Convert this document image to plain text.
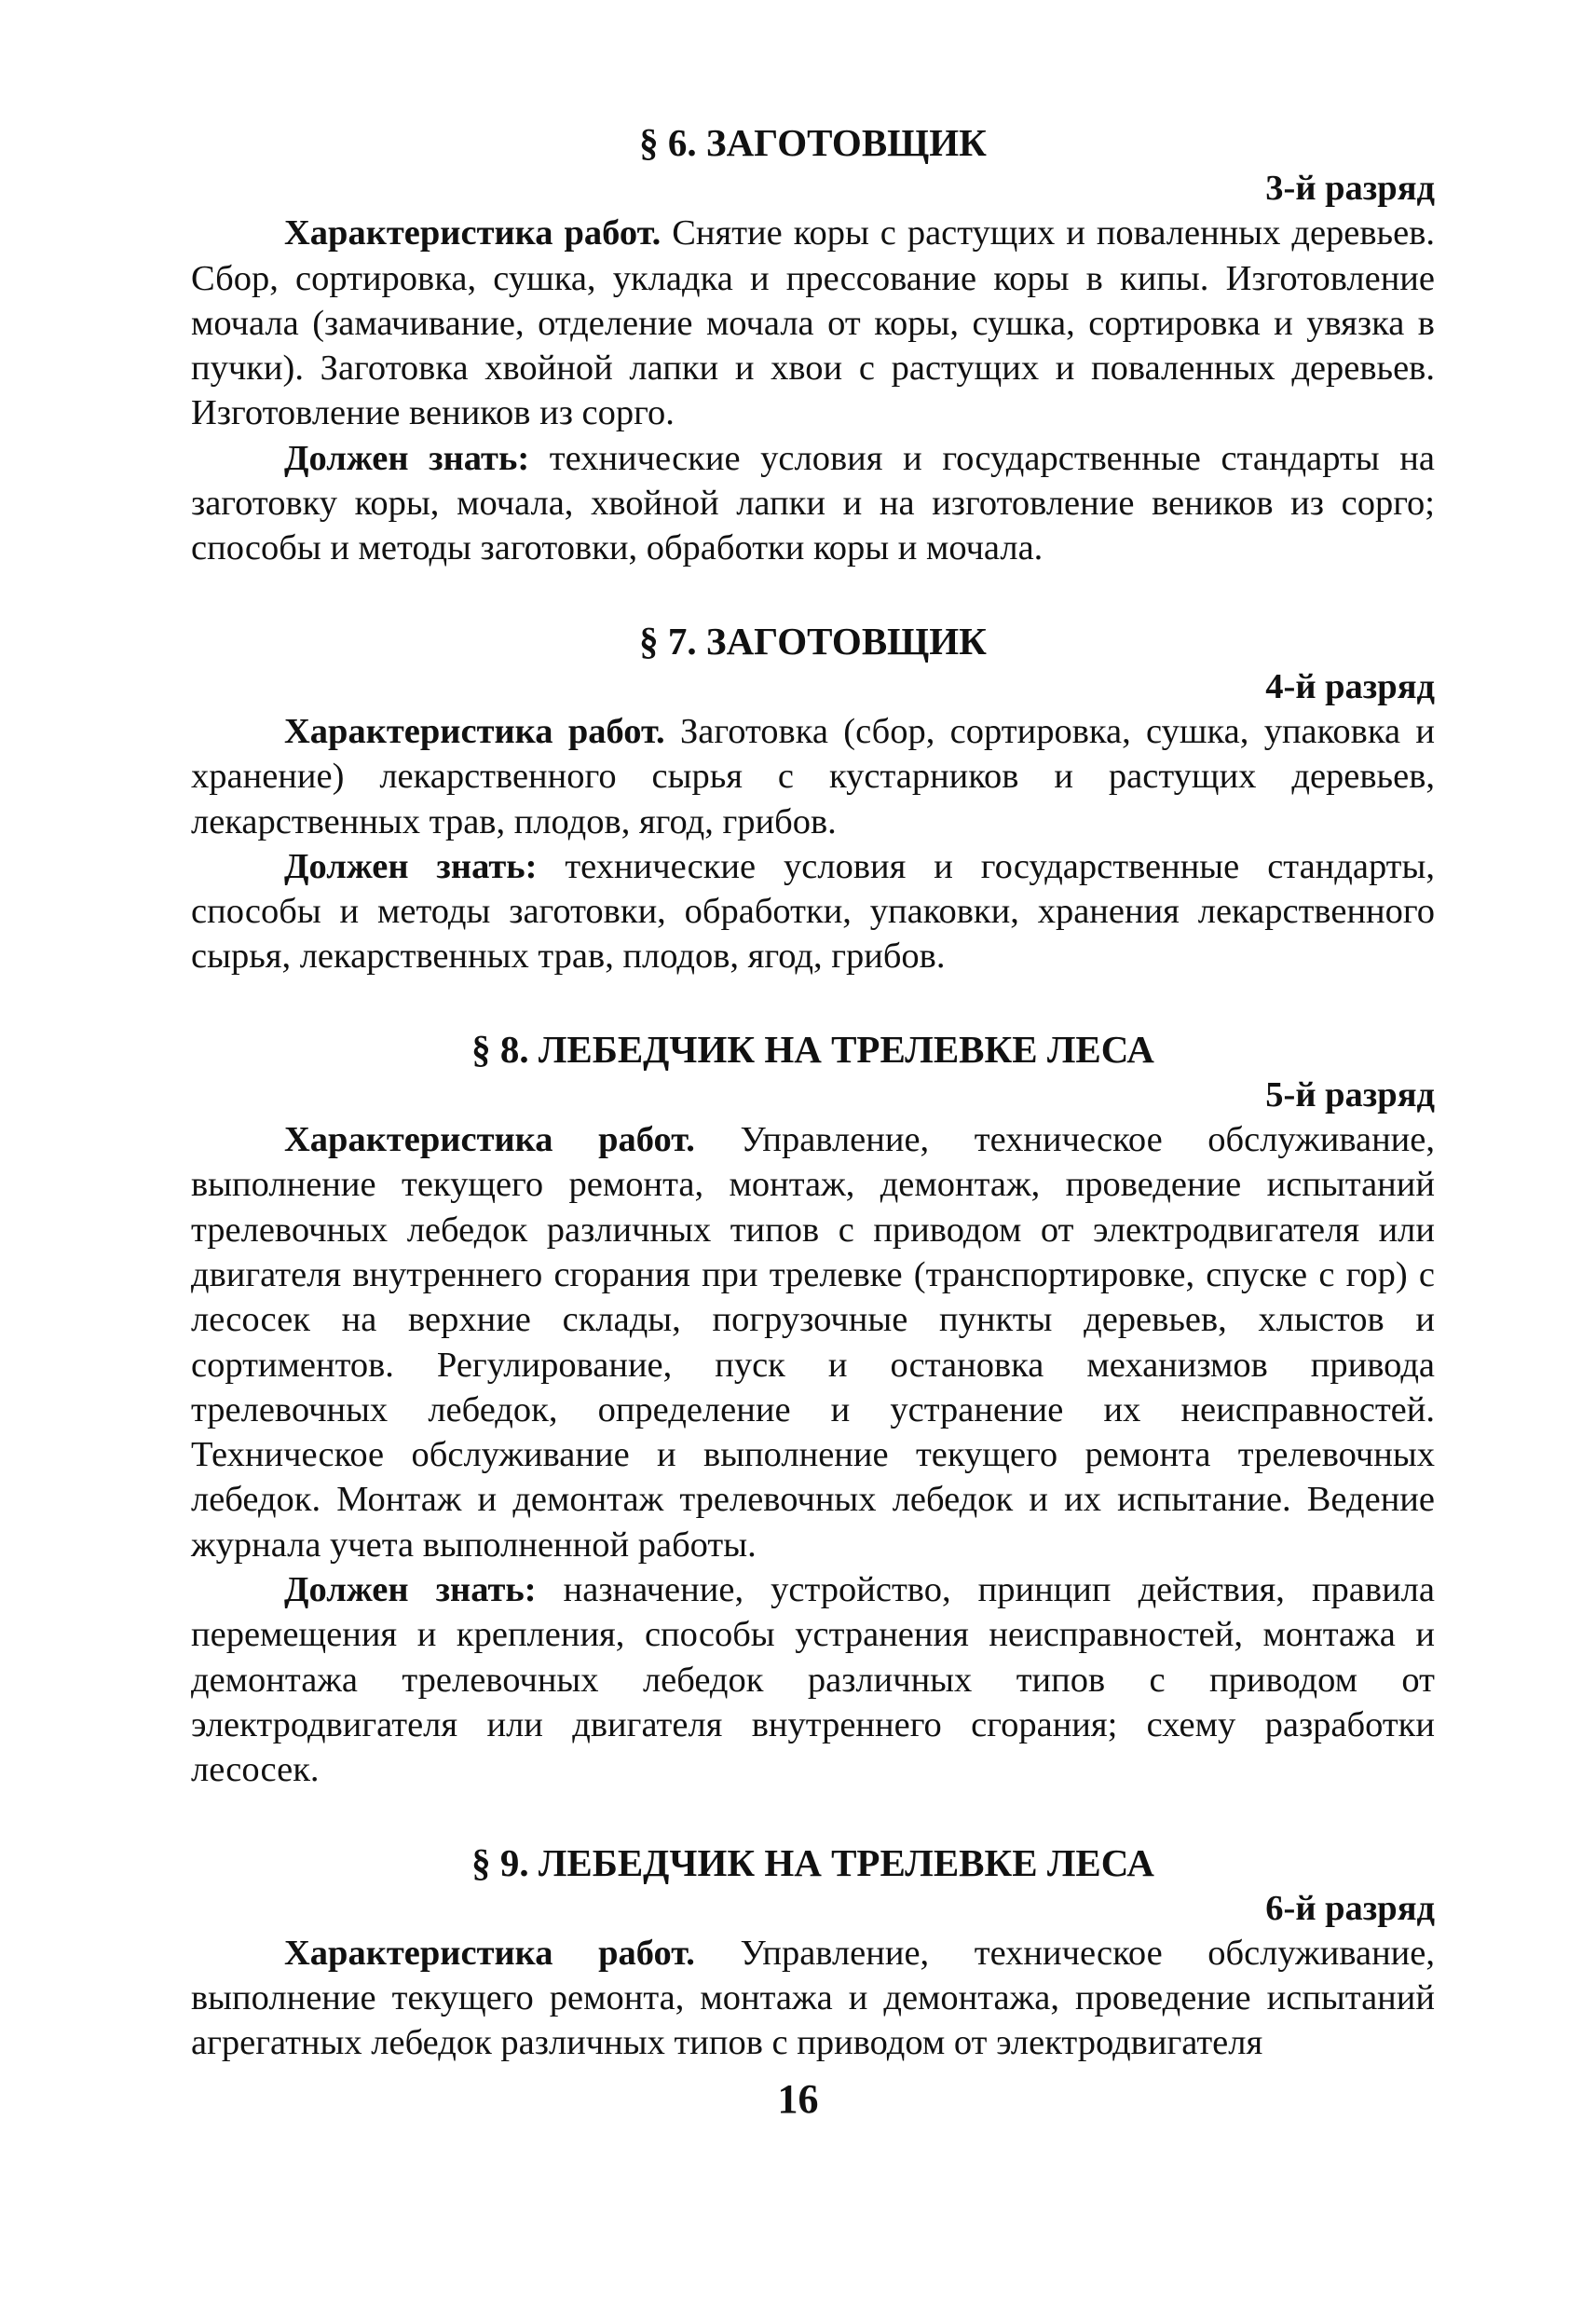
§ 6. ЗАГОТОВЩИК

3-й разряд

Характеристика работ. Снятие коры с растущих и поваленных деревьев. Сбор, сортировка, сушка, укладка и прессование коры в кипы. Изготовление мочала (замачивание, отделение мочала от коры, сушка, сортировка и увязка в пучки). Заготовка хвойной лапки и хвои с растущих и поваленных деревьев. Изготовление веников из сорго.

Должен знать: технические условия и государственные стандарты на заготовку коры, мочала, хвойной лапки и на изготовление веников из сорго; способы и методы заготовки, обработки коры и мочала.

§ 7. ЗАГОТОВЩИК

4-й разряд

Характеристика работ. Заготовка (сбор, сортировка, сушка, упаковка и хранение) лекарственного сырья с кустарников и растущих деревьев, лекарственных трав, плодов, ягод, грибов.

Должен знать: технические условия и государственные стандарты, способы и методы заготовки, обработки, упаковки, хранения лекарственного сырья, лекарственных трав, плодов, ягод, грибов.

§ 8. ЛЕБЕДЧИК НА ТРЕЛЕВКЕ ЛЕСА

5-й разряд

Характеристика работ. Управление, техническое обслуживание, выполнение текущего ремонта, монтаж, демонтаж, проведение испытаний трелевочных лебедок различных типов с приводом от электродвигателя или двигателя внутреннего сгорания при трелевке (транспортировке, спуске с гор) с лесосек на верхние склады, погрузочные пункты деревьев, хлыстов и сортиментов. Регулирование, пуск и остановка механизмов привода трелевочных лебедок, определение и устранение их неисправностей. Техническое обслуживание и выполнение текущего ремонта трелевочных лебедок. Монтаж и демонтаж трелевочных лебедок и их испытание. Ведение журнала учета выполненной работы.

Должен знать: назначение, устройство, принцип действия, правила перемещения и крепления, способы устранения неисправностей, монтажа и демонтажа трелевочных лебедок различных типов с приводом от электродвигателя или двигателя внутреннего сгорания; схему разработки лесосек.

§ 9. ЛЕБЕДЧИК НА ТРЕЛЕВКЕ ЛЕСА

6-й разряд

Характеристика работ. Управление, техническое обслуживание, выполнение текущего ремонта, монтажа и демонтажа, проведение испытаний агрегатных лебедок различных типов с приводом от электродвигателя

16
